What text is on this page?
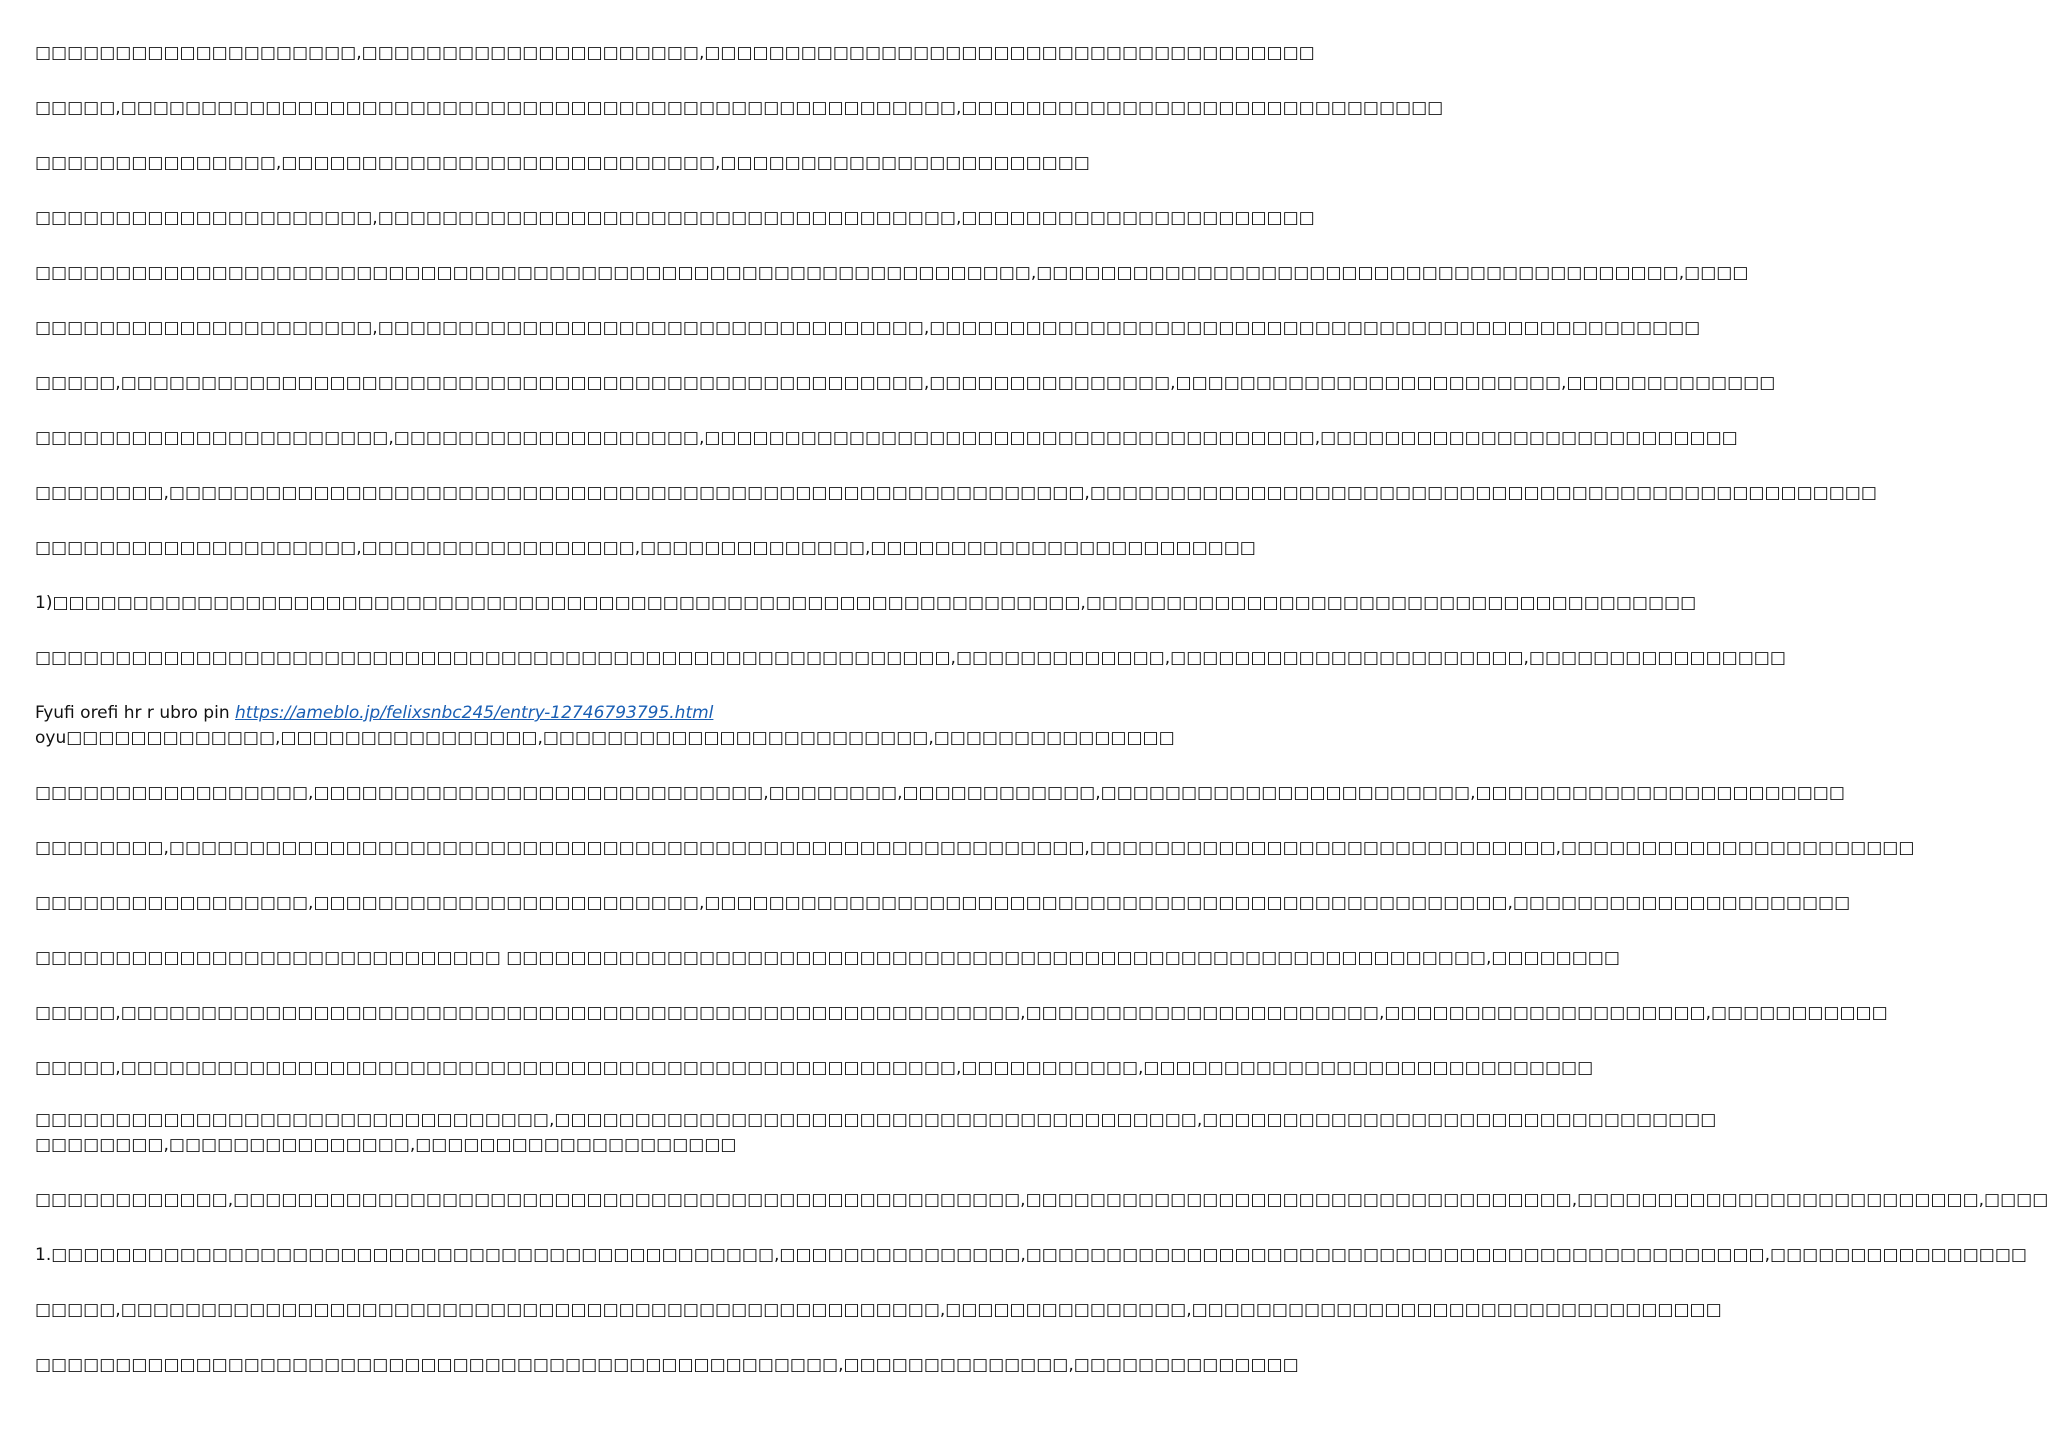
□□□□□□□□□□□□□□□□□□□□,□□□□□□□□□□□□□□□□□□□□□,□□□□□□□□□□□□□□□□□□□□□□□□□□□□□□□□□□□□□□
□□□□□,□□□□□□□□□□□□□□□□□□□□□□□□□□□□□□□□□□□□□□□□□□□□□□□□□□□□,□□□□□□□□□□□□□□□□□□□□□□□□□□□□□□
□□□□□□□□□□□□□□□,□□□□□□□□□□□□□□□□□□□□□□□□□□□,□□□□□□□□□□□□□□□□□□□□□□□
□□□□□□□□□□□□□□□□□□□□□,□□□□□□□□□□□□□□□□□□□□□□□□□□□□□□□□□□□□,□□□□□□□□□□□□□□□□□□□□□□
□□□□□□□□□□□□□□□□□□□□□□□□□□□□□□□□□□□□□□□□□□□□□□□□□□□□□□□□□□□□□□,□□□□□□□□□□□□□□□□□□□□□□□□□□□□□□□□□□□□□□□□,□□□□
□□□□□□□□□□□□□□□□□□□□□,□□□□□□□□□□□□□□□□□□□□□□□□□□□□□□□□□□,□□□□□□□□□□□□□□□□□□□□□□□□□□□□□□□□□□□□□□□□□□□□□□□□
□□□□□,□□□□□□□□□□□□□□□□□□□□□□□□□□□□□□□□□□□□□□□□□□□□□□□□□□,□□□□□□□□□□□□□□□,□□□□□□□□□□□□□□□□□□□□□□□□,□□□□□□□□□□□□□
□□□□□□□□□□□□□□□□□□□□□□,□□□□□□□□□□□□□□□□□□□,□□□□□□□□□□□□□□□□□□□□□□□□□□□□□□□□□□□□□□,□□□□□□□□□□□□□□□□□□□□□□□□□□
□□□□□□□□,□□□□□□□□□□□□□□□□□□□□□□□□□□□□□□□□□□□□□□□□□□□□□□□□□□□□□□□□□,□□□□□□□□□□□□□□□□□□□□□□□□□□□□□□□□□□□□□□□□□□□□□□□□□
□□□□□□□□□□□□□□□□□□□□,□□□□□□□□□□□□□□□□□,□□□□□□□□□□□□□□,□□□□□□□□□□□□□□□□□□□□□□□□
1)□□□□□□□□□□□□□□□□□□□□□□□□□□□□□□□□□□□□□□□□□□□□□□□□□□□□□□□□□□□□□□□□,□□□□□□□□□□□□□□□□□□□□□□□□□□□□□□□□□□□□□□
□□□□□□□□□□□□□□□□□□□□□□□□□□□□□□□□□□□□□□□□□□□□□□□□□□□□□□□□□,□□□□□□□□□□□□□,□□□□□□□□□□□□□□□□□□□□□□,□□□□□□□□□□□□□□□□
Fyufi orefi hr r ubro pin https://ameblo.jp/felixsnbc245/entry-12746793795.html
oyu□□□□□□□□□□□□□,□□□□□□□□□□□□□□□□,□□□□□□□□□□□□□□□□□□□□□□□□,□□□□□□□□□□□□□□□
□□□□□□□□□□□□□□□□□,□□□□□□□□□□□□□□□□□□□□□□□□□□□□,□□□□□□□□,□□□□□□□□□□□□,□□□□□□□□□□□□□□□□□□□□□□□,□□□□□□□□□□□□□□□□□□□□□□□
□□□□□□□□,□□□□□□□□□□□□□□□□□□□□□□□□□□□□□□□□□□□□□□□□□□□□□□□□□□□□□□□□□,□□□□□□□□□□□□□□□□□□□□□□□□□□□□□,□□□□□□□□□□□□□□□□□□□□□□
□□□□□□□□□□□□□□□□□,□□□□□□□□□□□□□□□□□□□□□□□□,□□□□□□□□□□□□□□□□□□□□□□□□□□□□□□□□□□□□□□□□□□□□□□□□□□,□□□□□□□□□□□□□□□□□□□□□
□□□□□□□□□□□□□□□□□□□□□□□□□□□□□ □□□□□□□□□□□□□□□□□□□□□□□□□□□□□□□□□□□□□□□□□□□□□□□□□□□□□□□□□□□□□,□□□□□□□□
□□□□□,□□□□□□□□□□□□□□□□□□□□□□□□□□□□□□□□□□□□□□□□□□□□□□□□□□□□□□□□,□□□□□□□□□□□□□□□□□□□□□□,□□□□□□□□□□□□□□□□□□□□,□□□□□□□□□□□
□□□□□,□□□□□□□□□□□□□□□□□□□□□□□□□□□□□□□□□□□□□□□□□□□□□□□□□□□□,□□□□□□□□□□□,□□□□□□□□□□□□□□□□□□□□□□□□□□□□
□□□□□□□□□□□□□□□□□□□□□□□□□□□□□□□□,□□□□□□□□□□□□□□□□□□□□□□□□□□□□□□□□□□□□□□□□,□□□□□□□□□□□□□□□□□□□□□□□□□□□□□□□□
□□□□□□□□,□□□□□□□□□□□□□□□,□□□□□□□□□□□□□□□□□□□□
□□□□□□□□□□□□,□□□□□□□□□□□□□□□□□□□□□□□□□□□□□□□□□□□□□□□□□□□□□□□□□,□□□□□□□□□□□□□□□□□□□□□□□□□□□□□□□□□□,□□□□□□□□□□□□□□□□□□□□□□□□□,□□□□
1.□□□□□□□□□□□□□□□□□□□□□□□□□□□□□□□□□□□□□□□□□□□□□,□□□□□□□□□□□□□□□,□□□□□□□□□□□□□□□□□□□□□□□□□□□□□□□□□□□□□□□□□□□□□□,□□□□□□□□□□□□□□□□
□□□□□,□□□□□□□□□□□□□□□□□□□□□□□□□□□□□□□□□□□□□□□□□□□□□□□□□□□,□□□□□□□□□□□□□□□,□□□□□□□□□□□□□□□□□□□□□□□□□□□□□□□□□
□□□□□□□□□□□□□□□□□□□□□□□□□□□□□□□□□□□□□□□□□□□□□□□□□□,□□□□□□□□□□□□□□,□□□□□□□□□□□□□□
